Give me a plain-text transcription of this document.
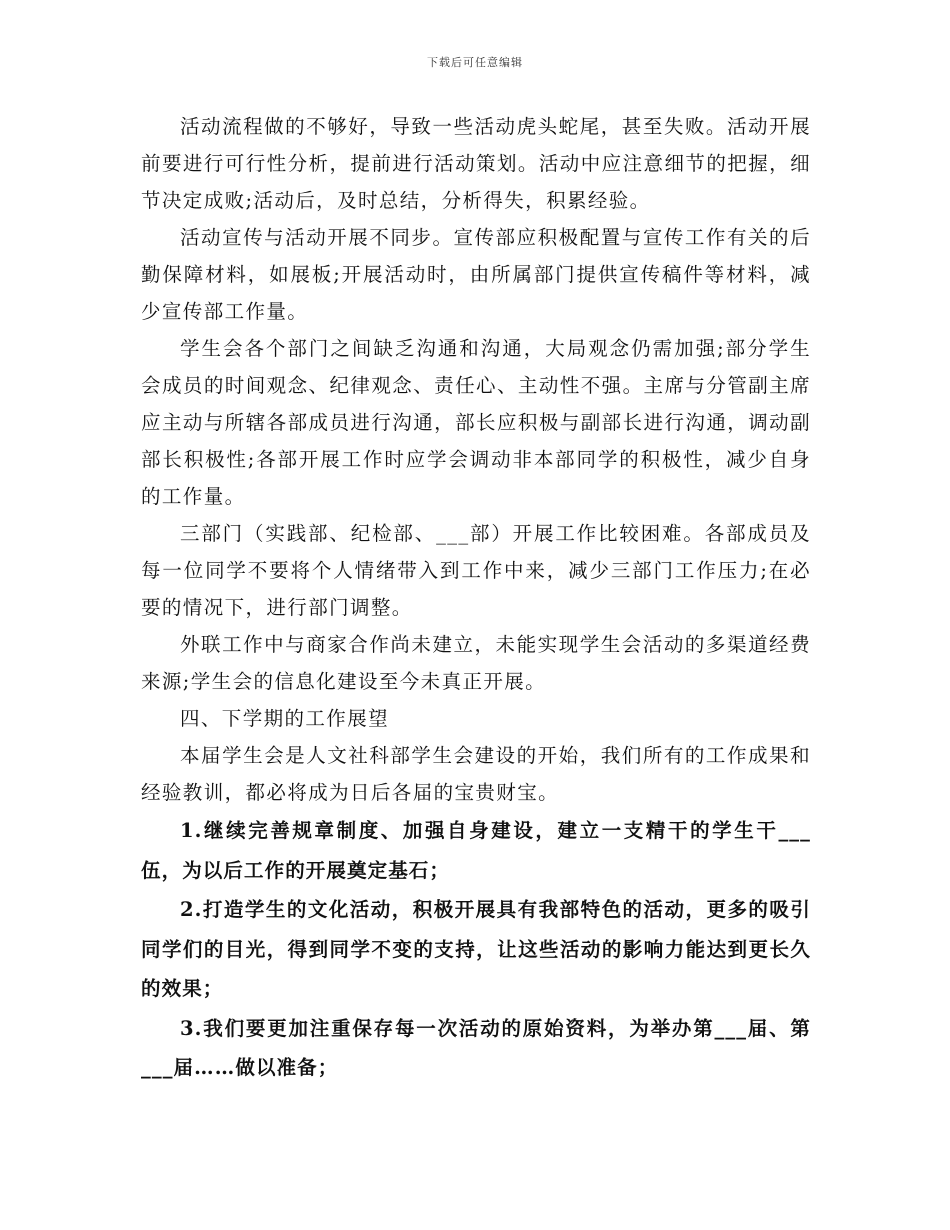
下载后可任意编辑

活动流程做的不够好，导致一些活动虎头蛇尾，甚至失败。活动开展前要进行可行性分析，提前进行活动策划。活动中应注意细节的把握，细节决定成败;活动后，及时总结，分析得失，积累经验。

活动宣传与活动开展不同步。宣传部应积极配置与宣传工作有关的后勤保障材料，如展板;开展活动时，由所属部门提供宣传稿件等材料，减少宣传部工作量。

学生会各个部门之间缺乏沟通和沟通，大局观念仍需加强;部分学生会成员的时间观念、纪律观念、责任心、主动性不强。主席与分管副主席应主动与所辖各部成员进行沟通，部长应积极与副部长进行沟通，调动副部长积极性;各部开展工作时应学会调动非本部同学的积极性，减少自身的工作量。

三部门（实践部、纪检部、___部）开展工作比较困难。各部成员及每一位同学不要将个人情绪带入到工作中来，减少三部门工作压力;在必要的情况下，进行部门调整。

外联工作中与商家合作尚未建立，未能实现学生会活动的多渠道经费来源;学生会的信息化建设至今未真正开展。

四、下学期的工作展望

本届学生会是人文社科部学生会建设的开始，我们所有的工作成果和经验教训，都必将成为日后各届的宝贵财宝。

1.继续完善规章制度、加强自身建设，建立一支精干的学生干___伍，为以后工作的开展奠定基石；

2.打造学生的文化活动，积极开展具有我部特色的活动，更多的吸引同学们的目光，得到同学不变的支持，让这些活动的影响力能达到更长久的效果；

3.我们要更加注重保存每一次活动的原始资料，为举办第___届、第___届……做以准备；
